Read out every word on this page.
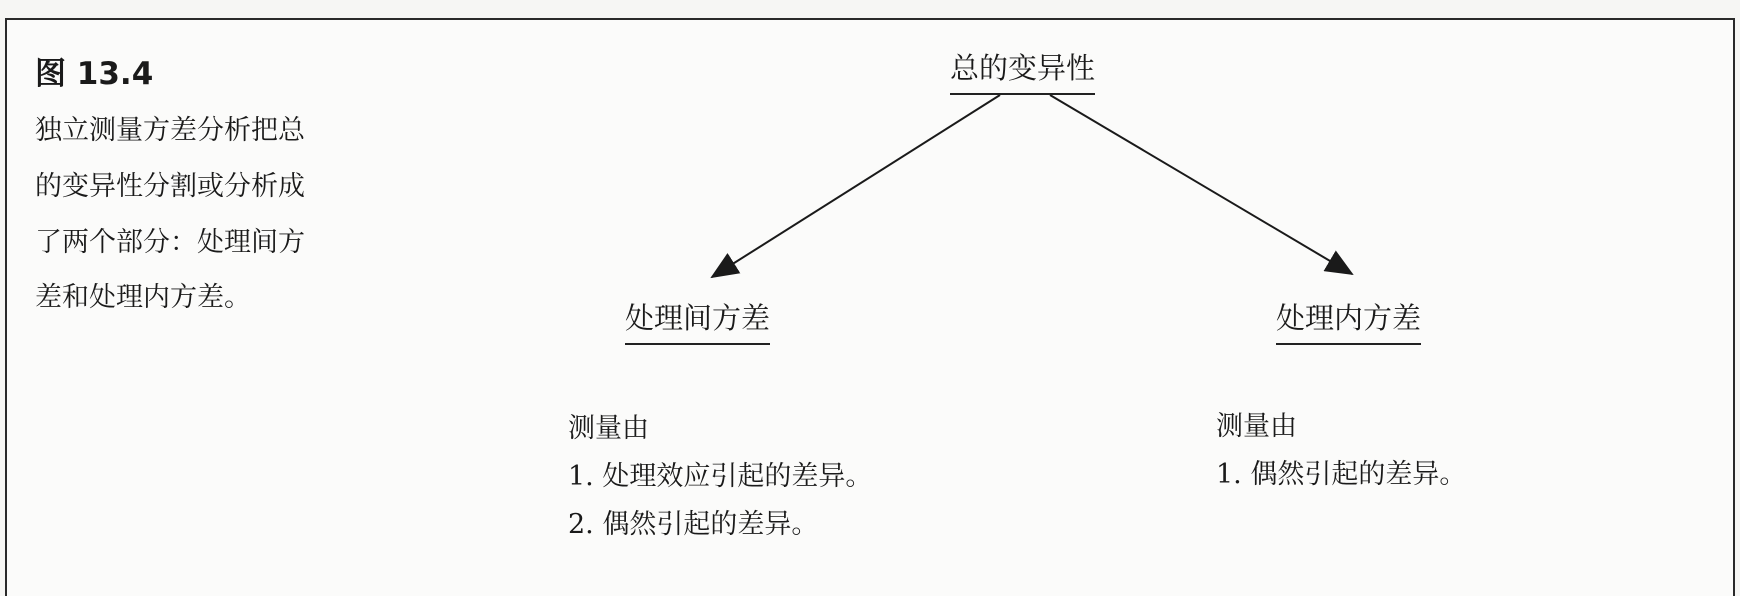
图 13.4
独立测量方差分析把总
的变异性分割或分析成
了两个部分：处理间方
差和处理内方差。
总的变异性
处理间方差	处理内方差
测量由
1. 处理效应引起的差异。
2. 偶然引起的差异。
测量由
1. 偶然引起的差异。
